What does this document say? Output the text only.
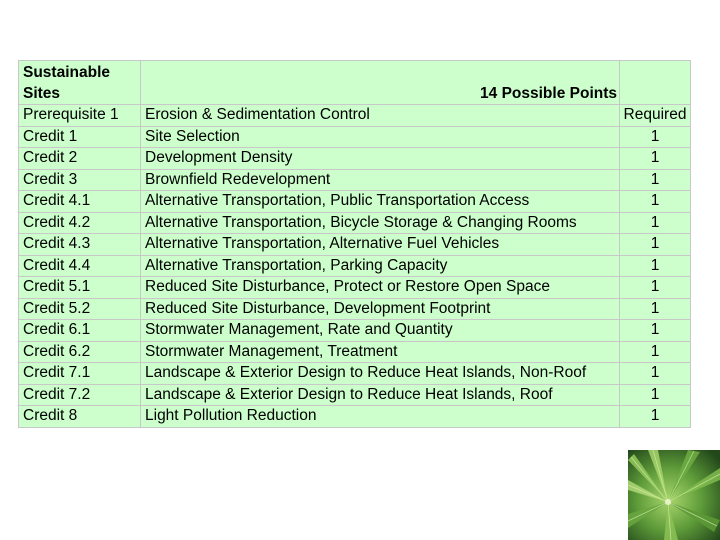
Sustainable Sites	14 Possible Points	
Prerequisite 1	Erosion & Sedimentation Control	Required
Credit 1	Site Selection	1
Credit 2	Development Density	1
Credit 3	Brownfield Redevelopment	1
Credit 4.1	Alternative Transportation, Public Transportation Access	1
Credit 4.2	Alternative Transportation, Bicycle Storage & Changing Rooms	1
Credit 4.3	Alternative Transportation, Alternative Fuel Vehicles	1
Credit 4.4	Alternative Transportation, Parking Capacity	1
Credit 5.1	Reduced Site Disturbance, Protect or Restore Open Space	1
Credit 5.2	Reduced Site Disturbance, Development Footprint	1
Credit 6.1	Stormwater Management, Rate and Quantity	1
Credit 6.2	Stormwater Management, Treatment	1
Credit 7.1	Landscape & Exterior Design to Reduce Heat Islands, Non-Roof	1
Credit 7.2	Landscape & Exterior Design to Reduce Heat Islands, Roof	1
Credit 8	Light Pollution Reduction	1
